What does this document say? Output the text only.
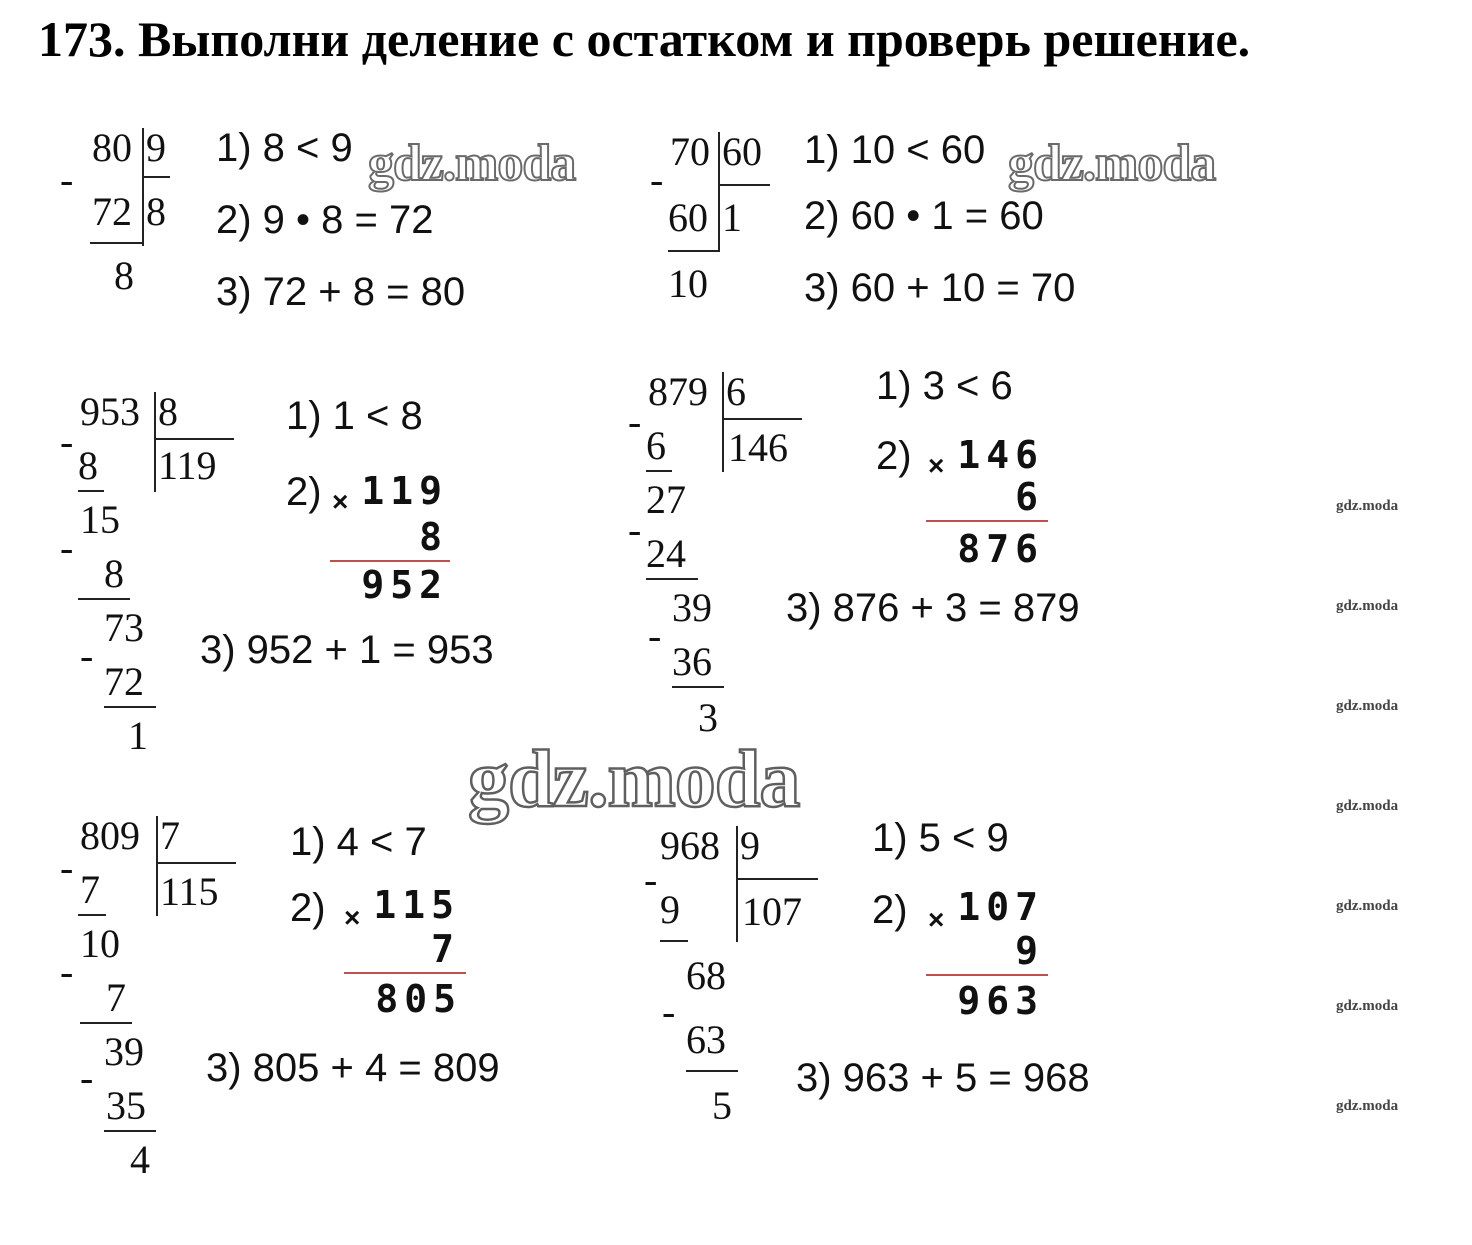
173. Выполни деление с остатком и проверь решение.
gdz.moda	gdz.moda
gdz.moda
gdz.moda
gdz.moda
gdz.moda
gdz.moda
gdz.moda
gdz.moda
gdz.moda
80 9
8
-
72
8
1) 8 < 9
2) 9 • 8 = 72
3) 72 + 8 = 80
70 60
1
-
60
10
1) 10 < 60
2) 60 • 1 = 60
3) 60 + 10 = 70
953 8
119
-
8
15
-
8
73
-
72
1
1) 1 < 8
2) × 119
8
952
3) 952 + 1 = 953
879 6
146
-
6
27
-
24
39
-
36
3
1) 3 < 6
2) × 146
6
876
3) 876 + 3 = 879
809 7
115
- 7
10
-
7
39
-
35
4
1) 4 < 7
2) × 115
7
805
3) 805 + 4 = 809
968 9
107
-
9
68
-
63
5
1) 5 < 9
2) × 107
9
963
3) 963 + 5 = 968
